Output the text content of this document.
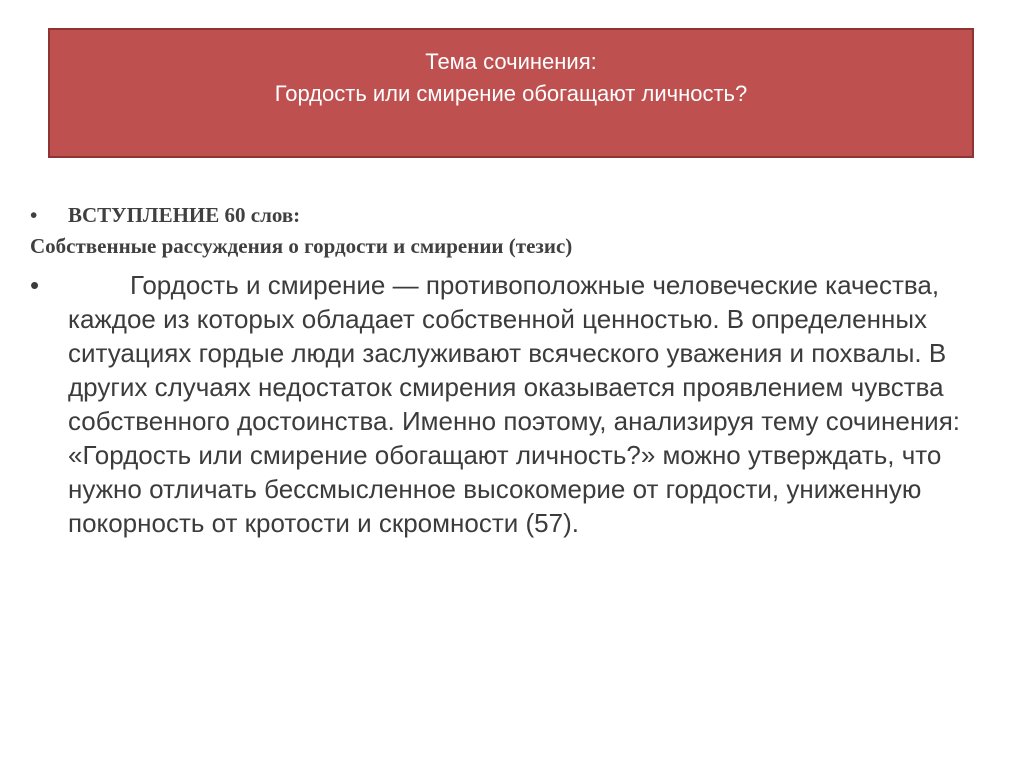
Тема сочинения:
Гордость или смирение обогащают личность?
• ВСТУПЛЕНИЕ 60 слов:
Собственные рассуждения о гордости и смирении (тезис)
•	Гордость и смирение — противоположные человеческие качества, каждое из которых обладает собственной ценностью. В определенных ситуациях гордые люди заслуживают всяческого уважения и похвалы. В других случаях недостаток смирения оказывается проявлением чувства собственного достоинства. Именно поэтому, анализируя тему сочинения: «Гордость или смирение обогащают личность?» можно утверждать, что нужно отличать бессмысленное высокомерие от гордости, униженную покорность от кротости и скромности (57).
